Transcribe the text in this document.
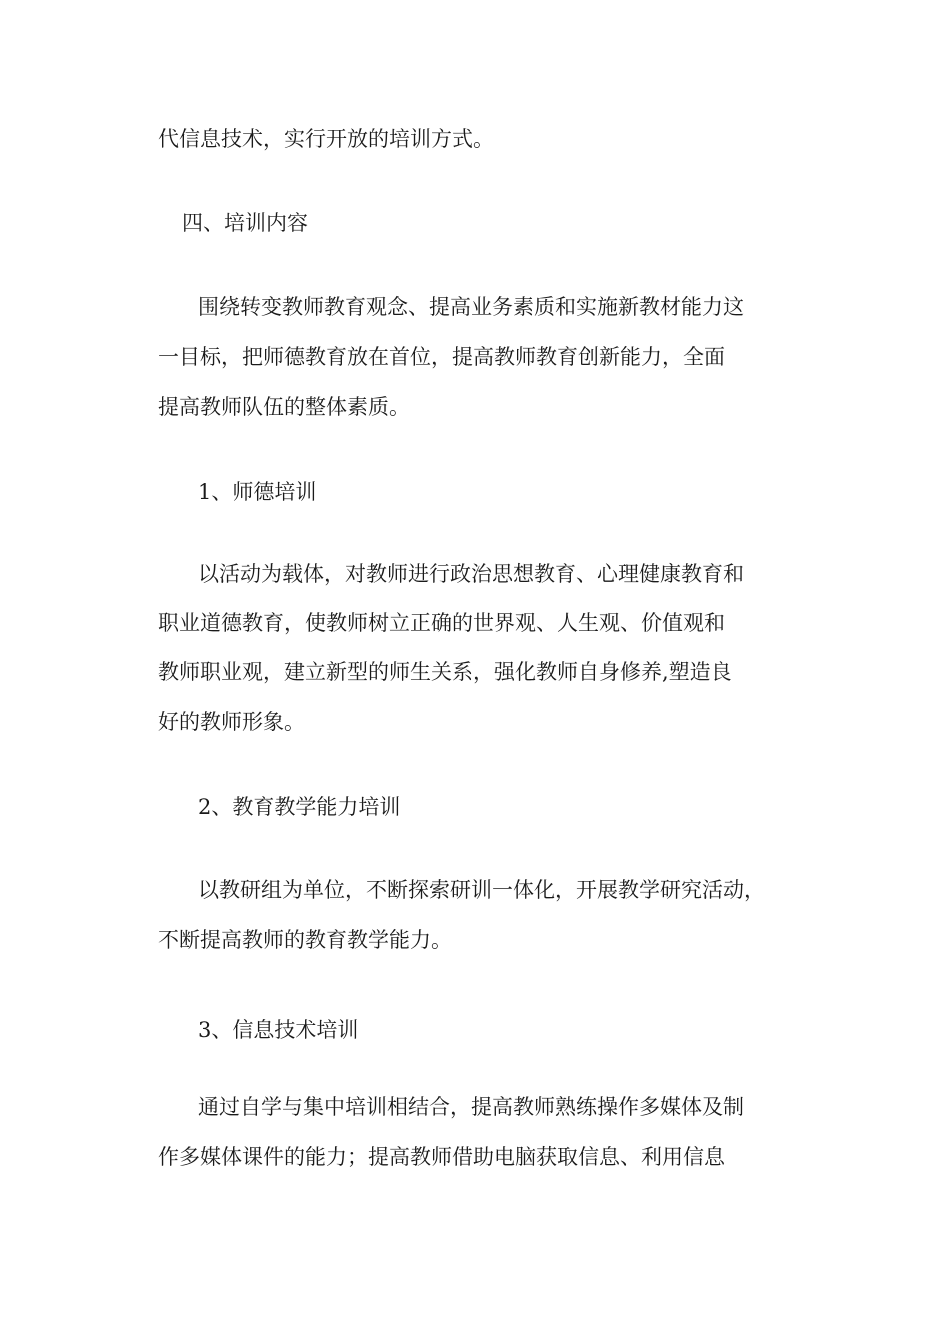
代信息技术，实行开放的培训方式。
四、培训内容
围绕转变教师教育观念、提高业务素质和实施新教材能力这
一目标，把师德教育放在首位，提高教师教育创新能力，全面
提高教师队伍的整体素质。
1、师德培训
以活动为载体，对教师进行政治思想教育、心理健康教育和
职业道德教育，使教师树立正确的世界观、人生观、价值观和
教师职业观，建立新型的师生关系，强化教师自身修养,塑造良
好的教师形象。
2、教育教学能力培训
以教研组为单位，不断探索研训一体化，开展教学研究活动，
不断提高教师的教育教学能力。
3、信息技术培训
通过自学与集中培训相结合，提高教师熟练操作多媒体及制
作多媒体课件的能力；提高教师借助电脑获取信息、利用信息
